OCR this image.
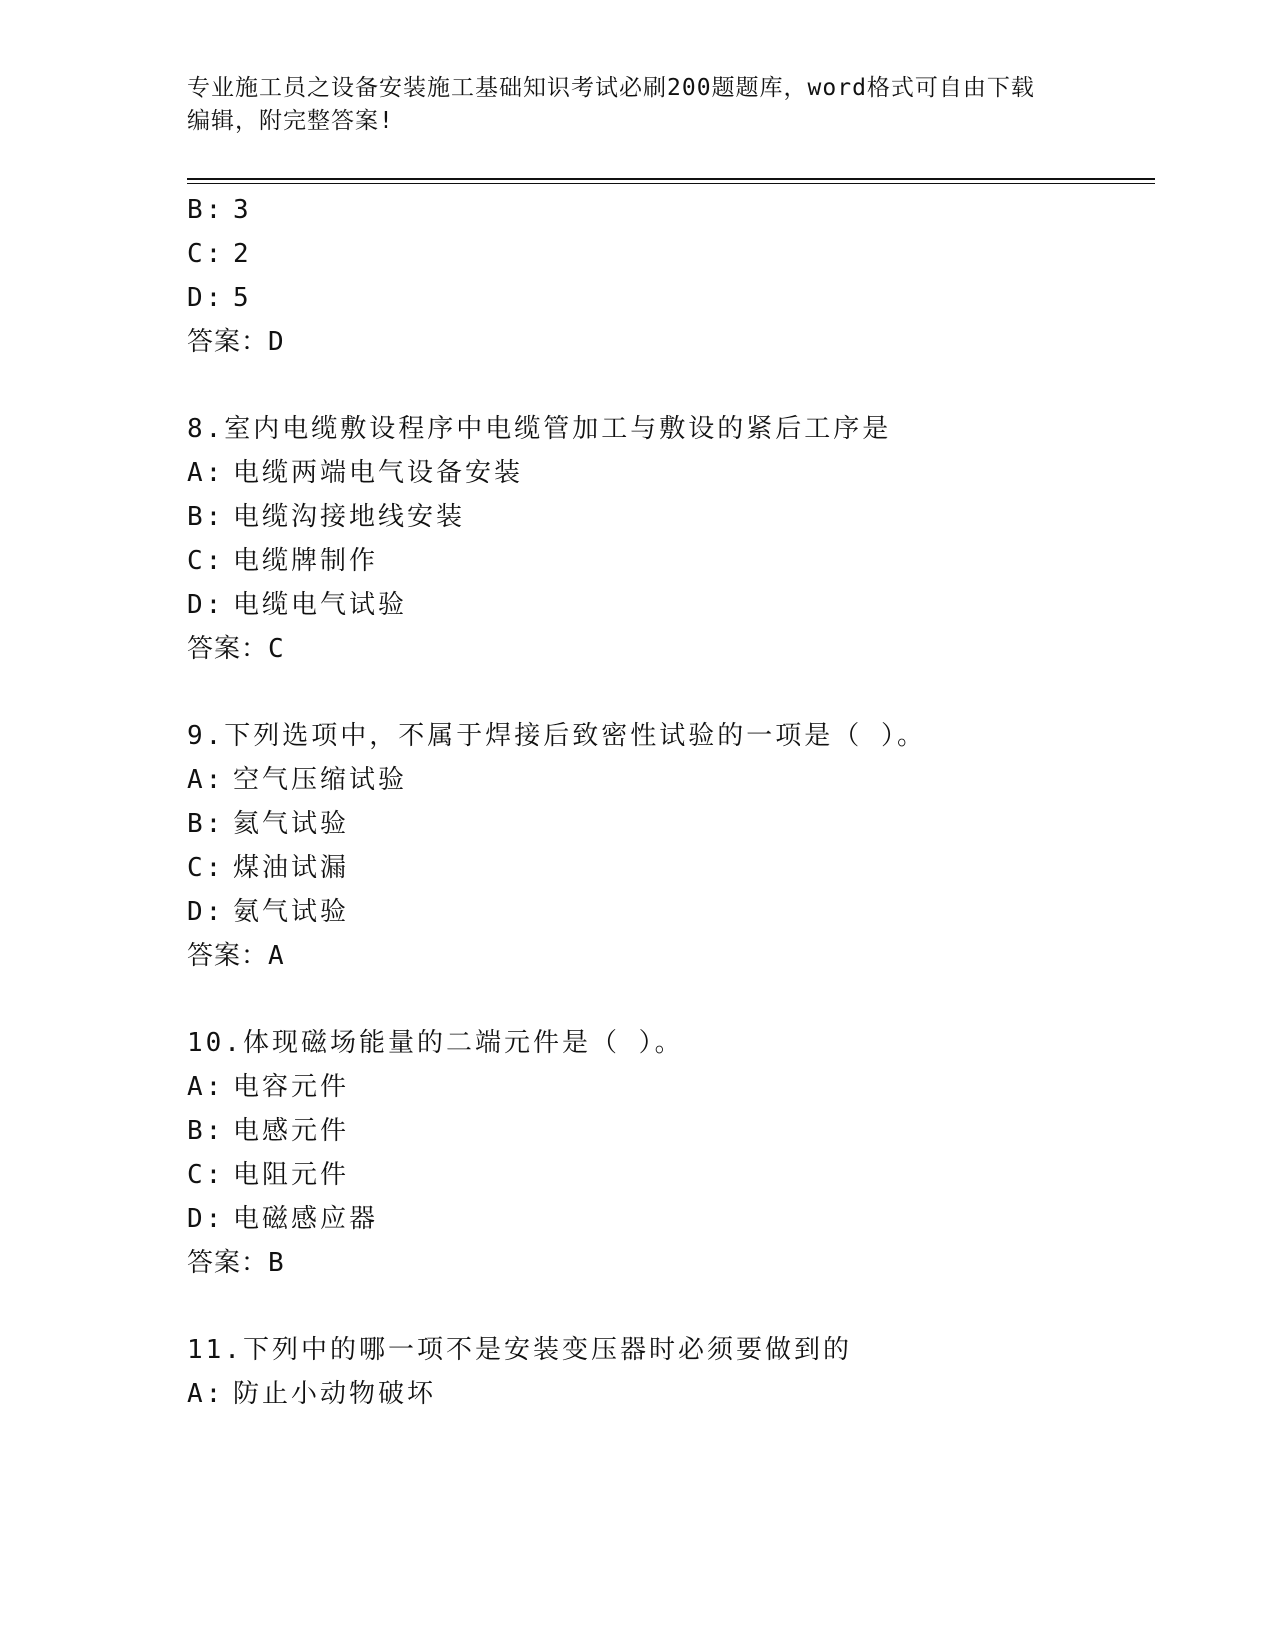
专业施工员之设备安装施工基础知识考试必刷200题题库，word格式可自由下载
编辑，附完整答案!
B: 3
C: 2
D: 5
答案：D
8.室内电缆敷设程序中电缆管加工与敷设的紧后工序是
A: 电缆两端电气设备安装
B: 电缆沟接地线安装
C: 电缆牌制作
D: 电缆电气试验
答案：C
9.下列选项中，不属于焊接后致密性试验的一项是（ ）。
A: 空气压缩试验
B: 氦气试验
C: 煤油试漏
D: 氨气试验
答案：A
10.体现磁场能量的二端元件是（ ）。
A: 电容元件
B: 电感元件
C: 电阻元件
D: 电磁感应器
答案：B
11.下列中的哪一项不是安装变压器时必须要做到的
A: 防止小动物破坏
